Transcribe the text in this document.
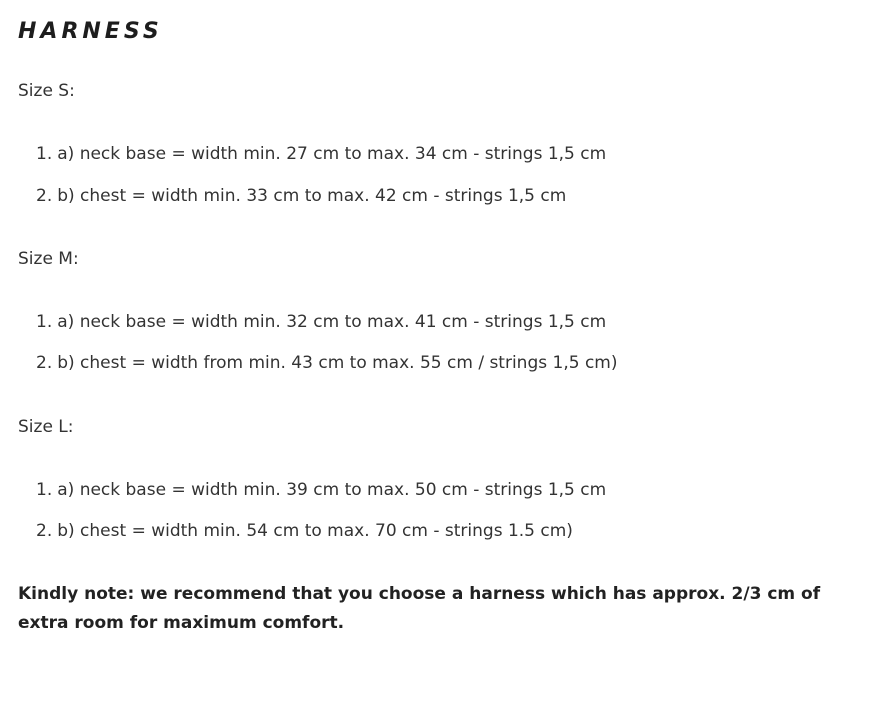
HARNESS

Size S:

1. a) neck base = width min. 27 cm to max. 34 cm - strings 1,5 cm

2. b) chest = width min. 33 cm to max. 42 cm - strings 1,5 cm

Size M:

1. a) neck base = width min. 32 cm to max. 41 cm - strings 1,5 cm

2. b) chest = width from min. 43 cm to max. 55 cm / strings 1,5 cm)

Size L:

1. a) neck base = width min. 39 cm to max. 50 cm - strings 1,5 cm

2. b) chest = width min. 54 cm to max. 70 cm - strings 1.5 cm)

Kindly note: we recommend that you choose a harness which has approx. 2/3 cm of extra room for maximum comfort.
